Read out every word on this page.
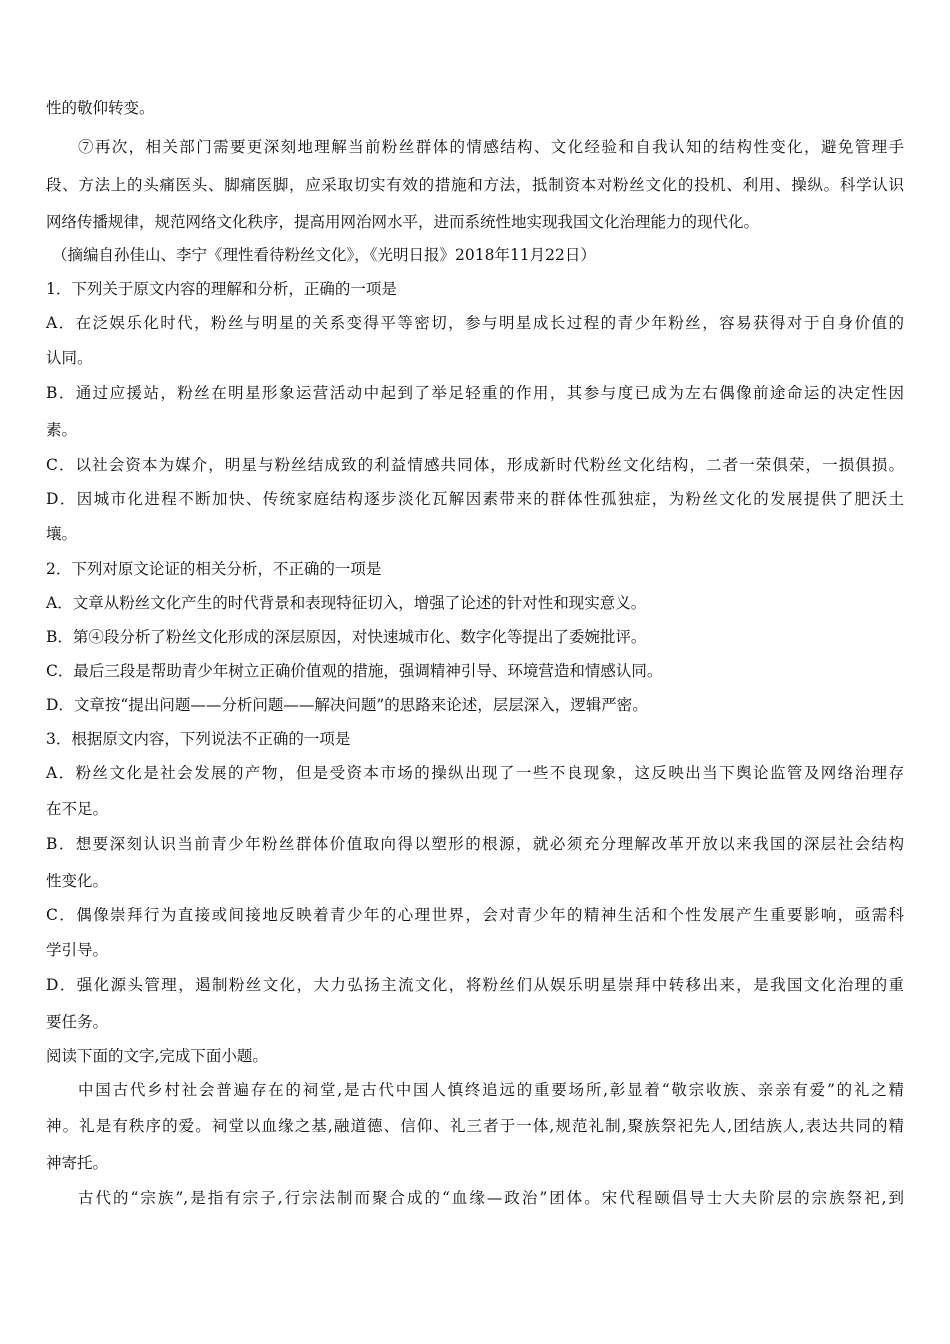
性的敬仰转变。
⑦再次，相关部门需要更深刻地理解当前粉丝群体的情感结构、文化经验和自我认知的结构性变化，避免管理手
段、方法上的头痛医头、脚痛医脚，应采取切实有效的措施和方法，抵制资本对粉丝文化的投机、利用、操纵。科学认识
网络传播规律，规范网络文化秩序，提高用网治网水平，进而系统性地实现我国文化治理能力的现代化。
（摘编自孙佳山、李宁《理性看待粉丝文化》，《光明日报》2018年11月22日）
1．下列关于原文内容的理解和分析，正确的一项是
A．在泛娱乐化时代，粉丝与明星的关系变得平等密切，参与明星成长过程的青少年粉丝，容易获得对于自身价值的
认同。
B．通过应援站，粉丝在明星形象运营活动中起到了举足轻重的作用，其参与度已成为左右偶像前途命运的决定性因
素。
C．以社会资本为媒介，明星与粉丝结成致的利益情感共同体，形成新时代粉丝文化结构，二者一荣俱荣，一损俱损。
D．因城市化进程不断加快、传统家庭结构逐步淡化瓦解因素带来的群体性孤独症，为粉丝文化的发展提供了肥沃土
壤。
2．下列对原文论证的相关分析，不正确的一项是
A．文章从粉丝文化产生的时代背景和表现特征切入，增强了论述的针对性和现实意义。
B．第④段分析了粉丝文化形成的深层原因，对快速城市化、数字化等提出了委婉批评。
C．最后三段是帮助青少年树立正确价值观的措施，强调精神引导、环境营造和情感认同。
D．文章按“提出问题——分析问题——解决问题”的思路来论述，层层深入，逻辑严密。
3．根据原文内容，下列说法不正确的一项是
A．粉丝文化是社会发展的产物，但是受资本市场的操纵出现了一些不良现象，这反映出当下舆论监管及网络治理存
在不足。
B．想要深刻认识当前青少年粉丝群体价值取向得以塑形的根源，就必须充分理解改革开放以来我国的深层社会结构
性变化。
C．偶像崇拜行为直接或间接地反映着青少年的心理世界，会对青少年的精神生活和个性发展产生重要影响，亟需科
学引导。
D．强化源头管理，遏制粉丝文化，大力弘扬主流文化，将粉丝们从娱乐明星崇拜中转移出来，是我国文化治理的重
要任务。
阅读下面的文字,完成下面小题。
中国古代乡村社会普遍存在的祠堂,是古代中国人慎终追远的重要场所,彰显着“敬宗收族、亲亲有爱”的礼之精
神。礼是有秩序的爱。祠堂以血缘之基,融道德、信仰、礼三者于一体,规范礼制,聚族祭祀先人,团结族人,表达共同的精
神寄托。
古代的“宗族”,是指有宗子,行宗法制而聚合成的“血缘—政治”团体。宋代程颐倡导士大夫阶层的宗族祭祀,到
